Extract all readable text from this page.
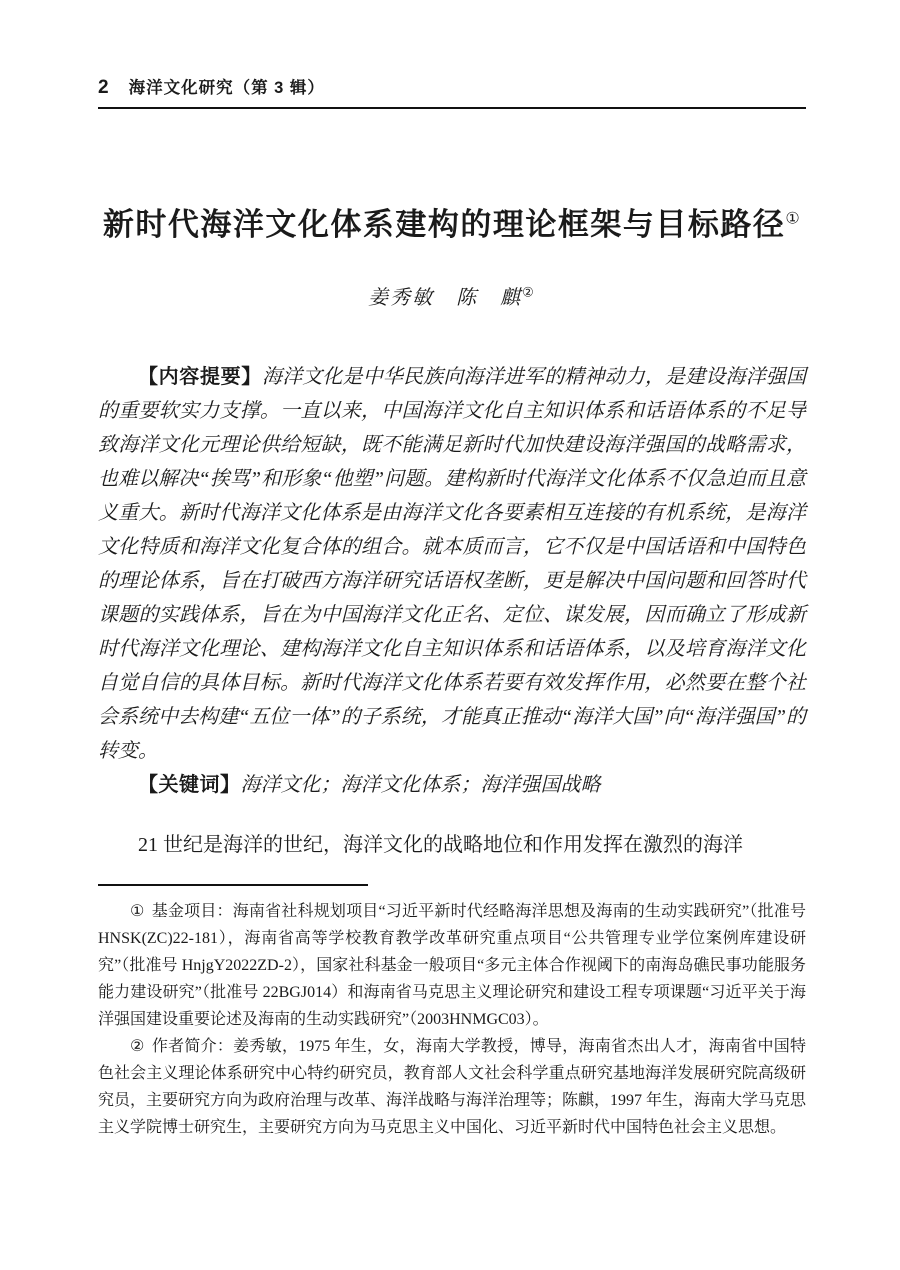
2 海洋文化研究（第 3 辑）
新时代海洋文化体系建构的理论框架与目标路径①
姜秀敏　陈　麒②

【内容提要】海洋文化是中华民族向海洋进军的精神动力，是建设海洋强国的重要软实力支撑。一直以来，中国海洋文化自主知识体系和话语体系的不足导致海洋文化元理论供给短缺，既不能满足新时代加快建设海洋强国的战略需求，也难以解决“挨骂”和形象“他塑”问题。建构新时代海洋文化体系不仅急迫而且意义重大。新时代海洋文化体系是由海洋文化各要素相互连接的有机系统，是海洋文化特质和海洋文化复合体的组合。就本质而言，它不仅是中国话语和中国特色的理论体系，旨在打破西方海洋研究话语权垄断，更是解决中国问题和回答时代课题的实践体系，旨在为中国海洋文化正名、定位、谋发展，因而确立了形成新时代海洋文化理论、建构海洋文化自主知识体系和话语体系，以及培育海洋文化自觉自信的具体目标。新时代海洋文化体系若要有效发挥作用，必然要在整个社会系统中去构建“五位一体”的子系统，才能真正推动“海洋大国”向“海洋强国”的转变。

【关键词】海洋文化；海洋文化体系；海洋强国战略

21 世纪是海洋的世纪，海洋文化的战略地位和作用发挥在激烈的海洋

① 基金项目：海南省社科规划项目“习近平新时代经略海洋思想及海南的生动实践研究”（批准号 HNSK(ZC)22-181），海南省高等学校教育教学改革研究重点项目“公共管理专业学位案例库建设研究”（批准号 HnjgY2022ZD-2），国家社科基金一般项目“多元主体合作视阈下的南海岛礁民事功能服务能力建设研究”（批准号 22BGJ014）和海南省马克思主义理论研究和建设工程专项课题“习近平关于海洋强国建设重要论述及海南的生动实践研究”（2003HNMGC03）。

② 作者简介：姜秀敏，1975 年生，女，海南大学教授，博导，海南省杰出人才，海南省中国特色社会主义理论体系研究中心特约研究员，教育部人文社会科学重点研究基地海洋发展研究院高级研究员，主要研究方向为政府治理与改革、海洋战略与海洋治理等；陈麒，1997 年生，海南大学马克思主义学院博士研究生，主要研究方向为马克思主义中国化、习近平新时代中国特色社会主义思想。
